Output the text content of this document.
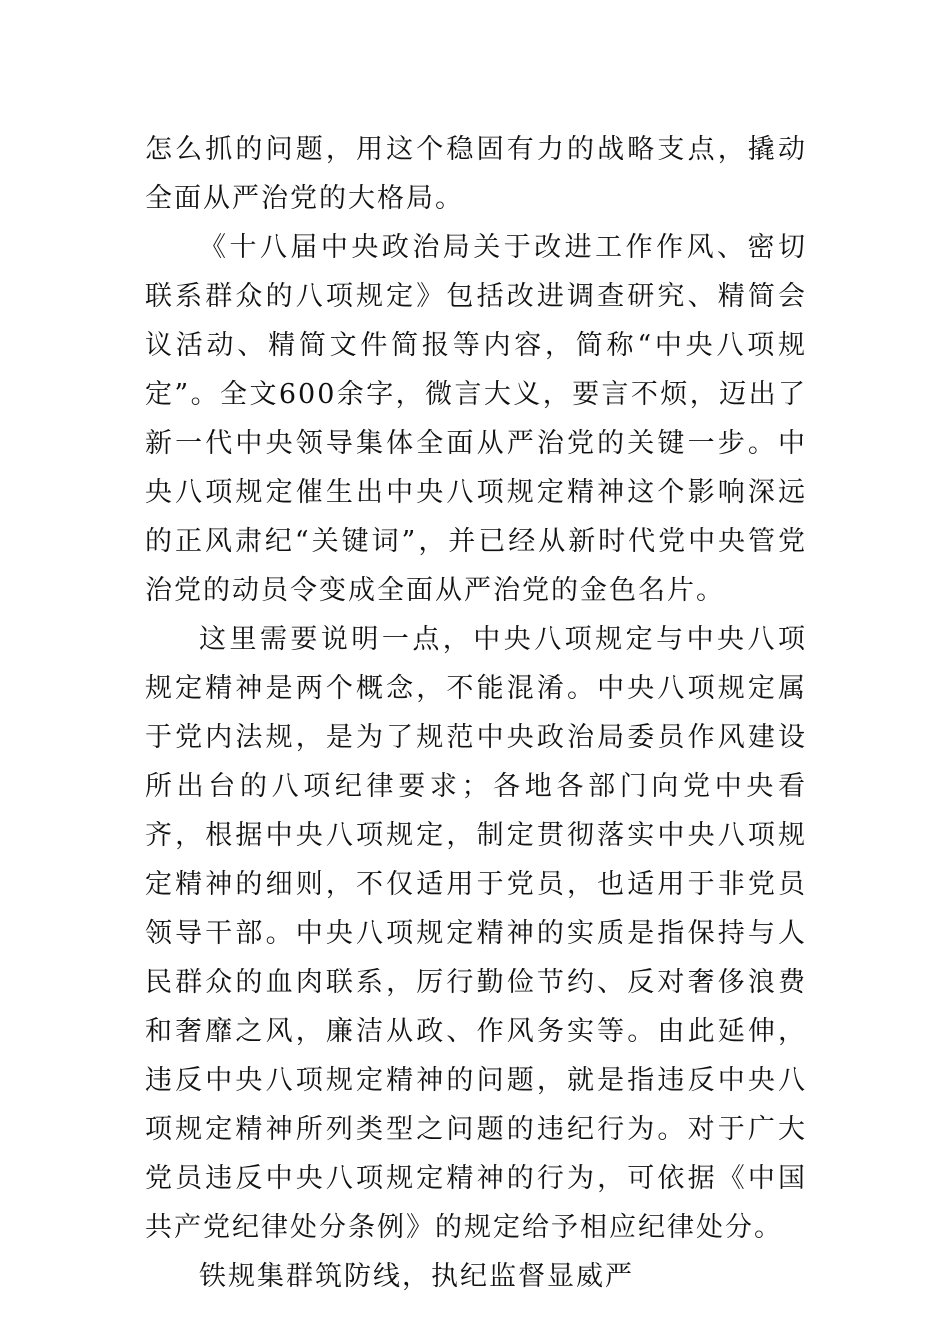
怎么抓的问题，用这个稳固有力的战略支点，撬动全面从严治党的大格局。

《十八届中央政治局关于改进工作作风、密切联系群众的八项规定》包括改进调查研究、精简会议活动、精简文件简报等内容，简称“中央八项规定”。全文600余字，微言大义，要言不烦，迈出了新一代中央领导集体全面从严治党的关键一步。中央八项规定催生出中央八项规定精神这个影响深远的正风肃纪“关键词”，并已经从新时代党中央管党治党的动员令变成全面从严治党的金色名片。

这里需要说明一点，中央八项规定与中央八项规定精神是两个概念，不能混淆。中央八项规定属于党内法规，是为了规范中央政治局委员作风建设所出台的八项纪律要求；各地各部门向党中央看齐，根据中央八项规定，制定贯彻落实中央八项规定精神的细则，不仅适用于党员，也适用于非党员领导干部。中央八项规定精神的实质是指保持与人民群众的血肉联系，厉行勤俭节约、反对奢侈浪费和奢靡之风，廉洁从政、作风务实等。由此延伸，违反中央八项规定精神的问题，就是指违反中央八项规定精神所列类型之问题的违纪行为。对于广大党员违反中央八项规定精神的行为，可依据《中国共产党纪律处分条例》的规定给予相应纪律处分。

铁规集群筑防线，执纪监督显威严
